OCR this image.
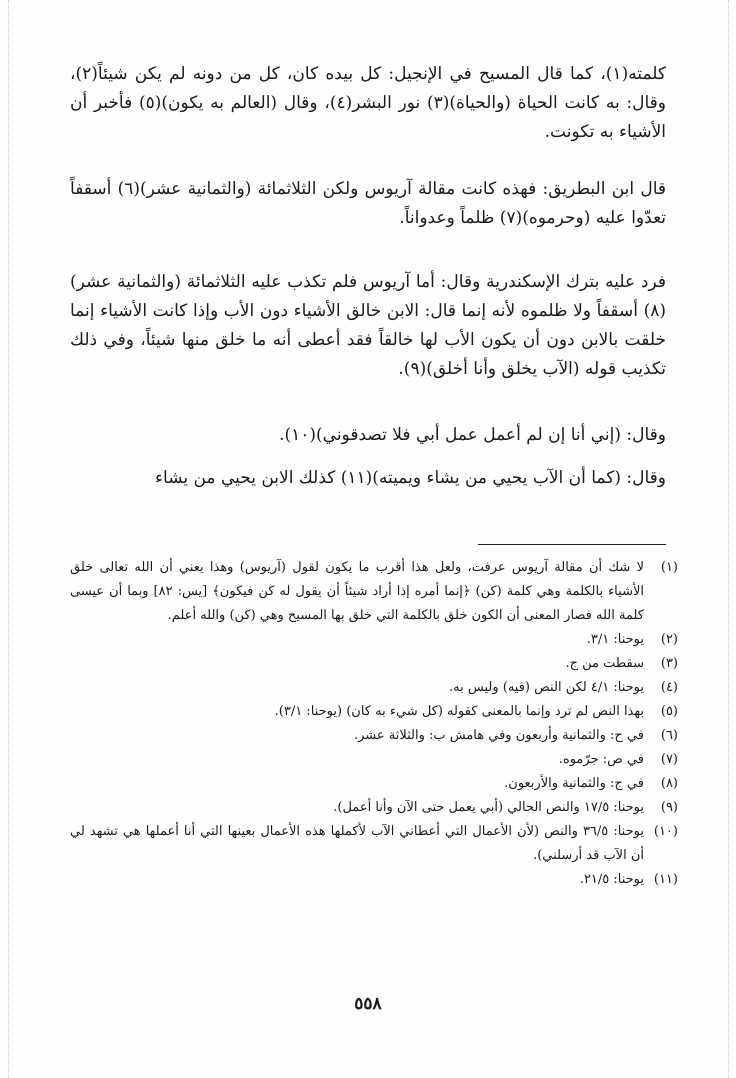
كلمته(١)، كما قال المسيح في الإنجيل: كل بيده كان، كل من دونه لم يكن شيئاً(٢)، وقال: به كانت الحياة (والحياة)(٣) نور البشر(٤)، وقال (العالم به يكون)(٥) فأخبر أن الأشياء به تكونت.

قال ابن البطريق: فهذه كانت مقالة آريوس ولكن الثلاثمائة (والثمانية عشر)(٦) أسقفاً تعدّوا عليه (وحرموه)(٧) ظلماً وعدواناً.

فرد عليه بترك الإسكندرية وقال: أما آريوس فلم تكذب عليه الثلاثمائة (والثمانية عشر)(٨) أسقفاً ولا ظلموه لأنه إنما قال: الابن خالق الأشياء دون الأب وإذا كانت الأشياء إنما خلقت بالابن دون أن يكون الأب لها خالقاً فقد أعطى أنه ما خلق منها شيئاً، وفي ذلك تكذيب قوله (الآب يخلق وأنا أخلق)(٩).

وقال: (إني أنا إن لم أعمل عمل أبي فلا تصدقوني)(١٠).

وقال: (كما أن الآب يحيي من يشاء ويميته)(١١) كذلك الابن يحيي من يشاء

(١)
لا شك أن مقالة آريوس عرفت، ولعل هذا أقرب ما يكون لقول (آريوس) وهذا يعني أن الله تعالى خلق الأشياء بالكلمة وهي كلمة (كن) ﴿إنما أمره إذا أراد شيئاً أن يقول له كن فيكون﴾ [يس: ٨٢] وبما أن عيسى كلمة الله فصار المعنى أن الكون خلق بالكلمة التي خلق بها المسيح وهي (كن) والله أعلم.
(٢)
يوحنا: ٣/١.
(٣)
سقطت من ج.
(٤)
يوحنا: ٤/١ لكن النص (فيه) وليس به.
(٥)
بهذا النص لم ترد وإنما بالمعنى كقوله (كل شيء به كان) (يوحنا: ٣/١).
(٦)
في ح: والثمانية وأربعون وفي هامش ب: والثلاثة عشر.
(٧)
في ص: جرّموه.
(٨)
في ج: والثمانية والأربعون.
(٩)
يوحنا: ١٧/٥ والنص الحالي (أبي يعمل حتى الآن وأنا أعمل).
(١٠)
يوحنا: ٣٦/٥ والنص (لأن الأعمال التي أعطاني الآب لأكملها هذه الأعمال بعينها التي أنا أعملها هي تشهد لي أن الآب قد أرسلني).
(١١)
يوحنا: ٢١/٥.
٥٥٨
